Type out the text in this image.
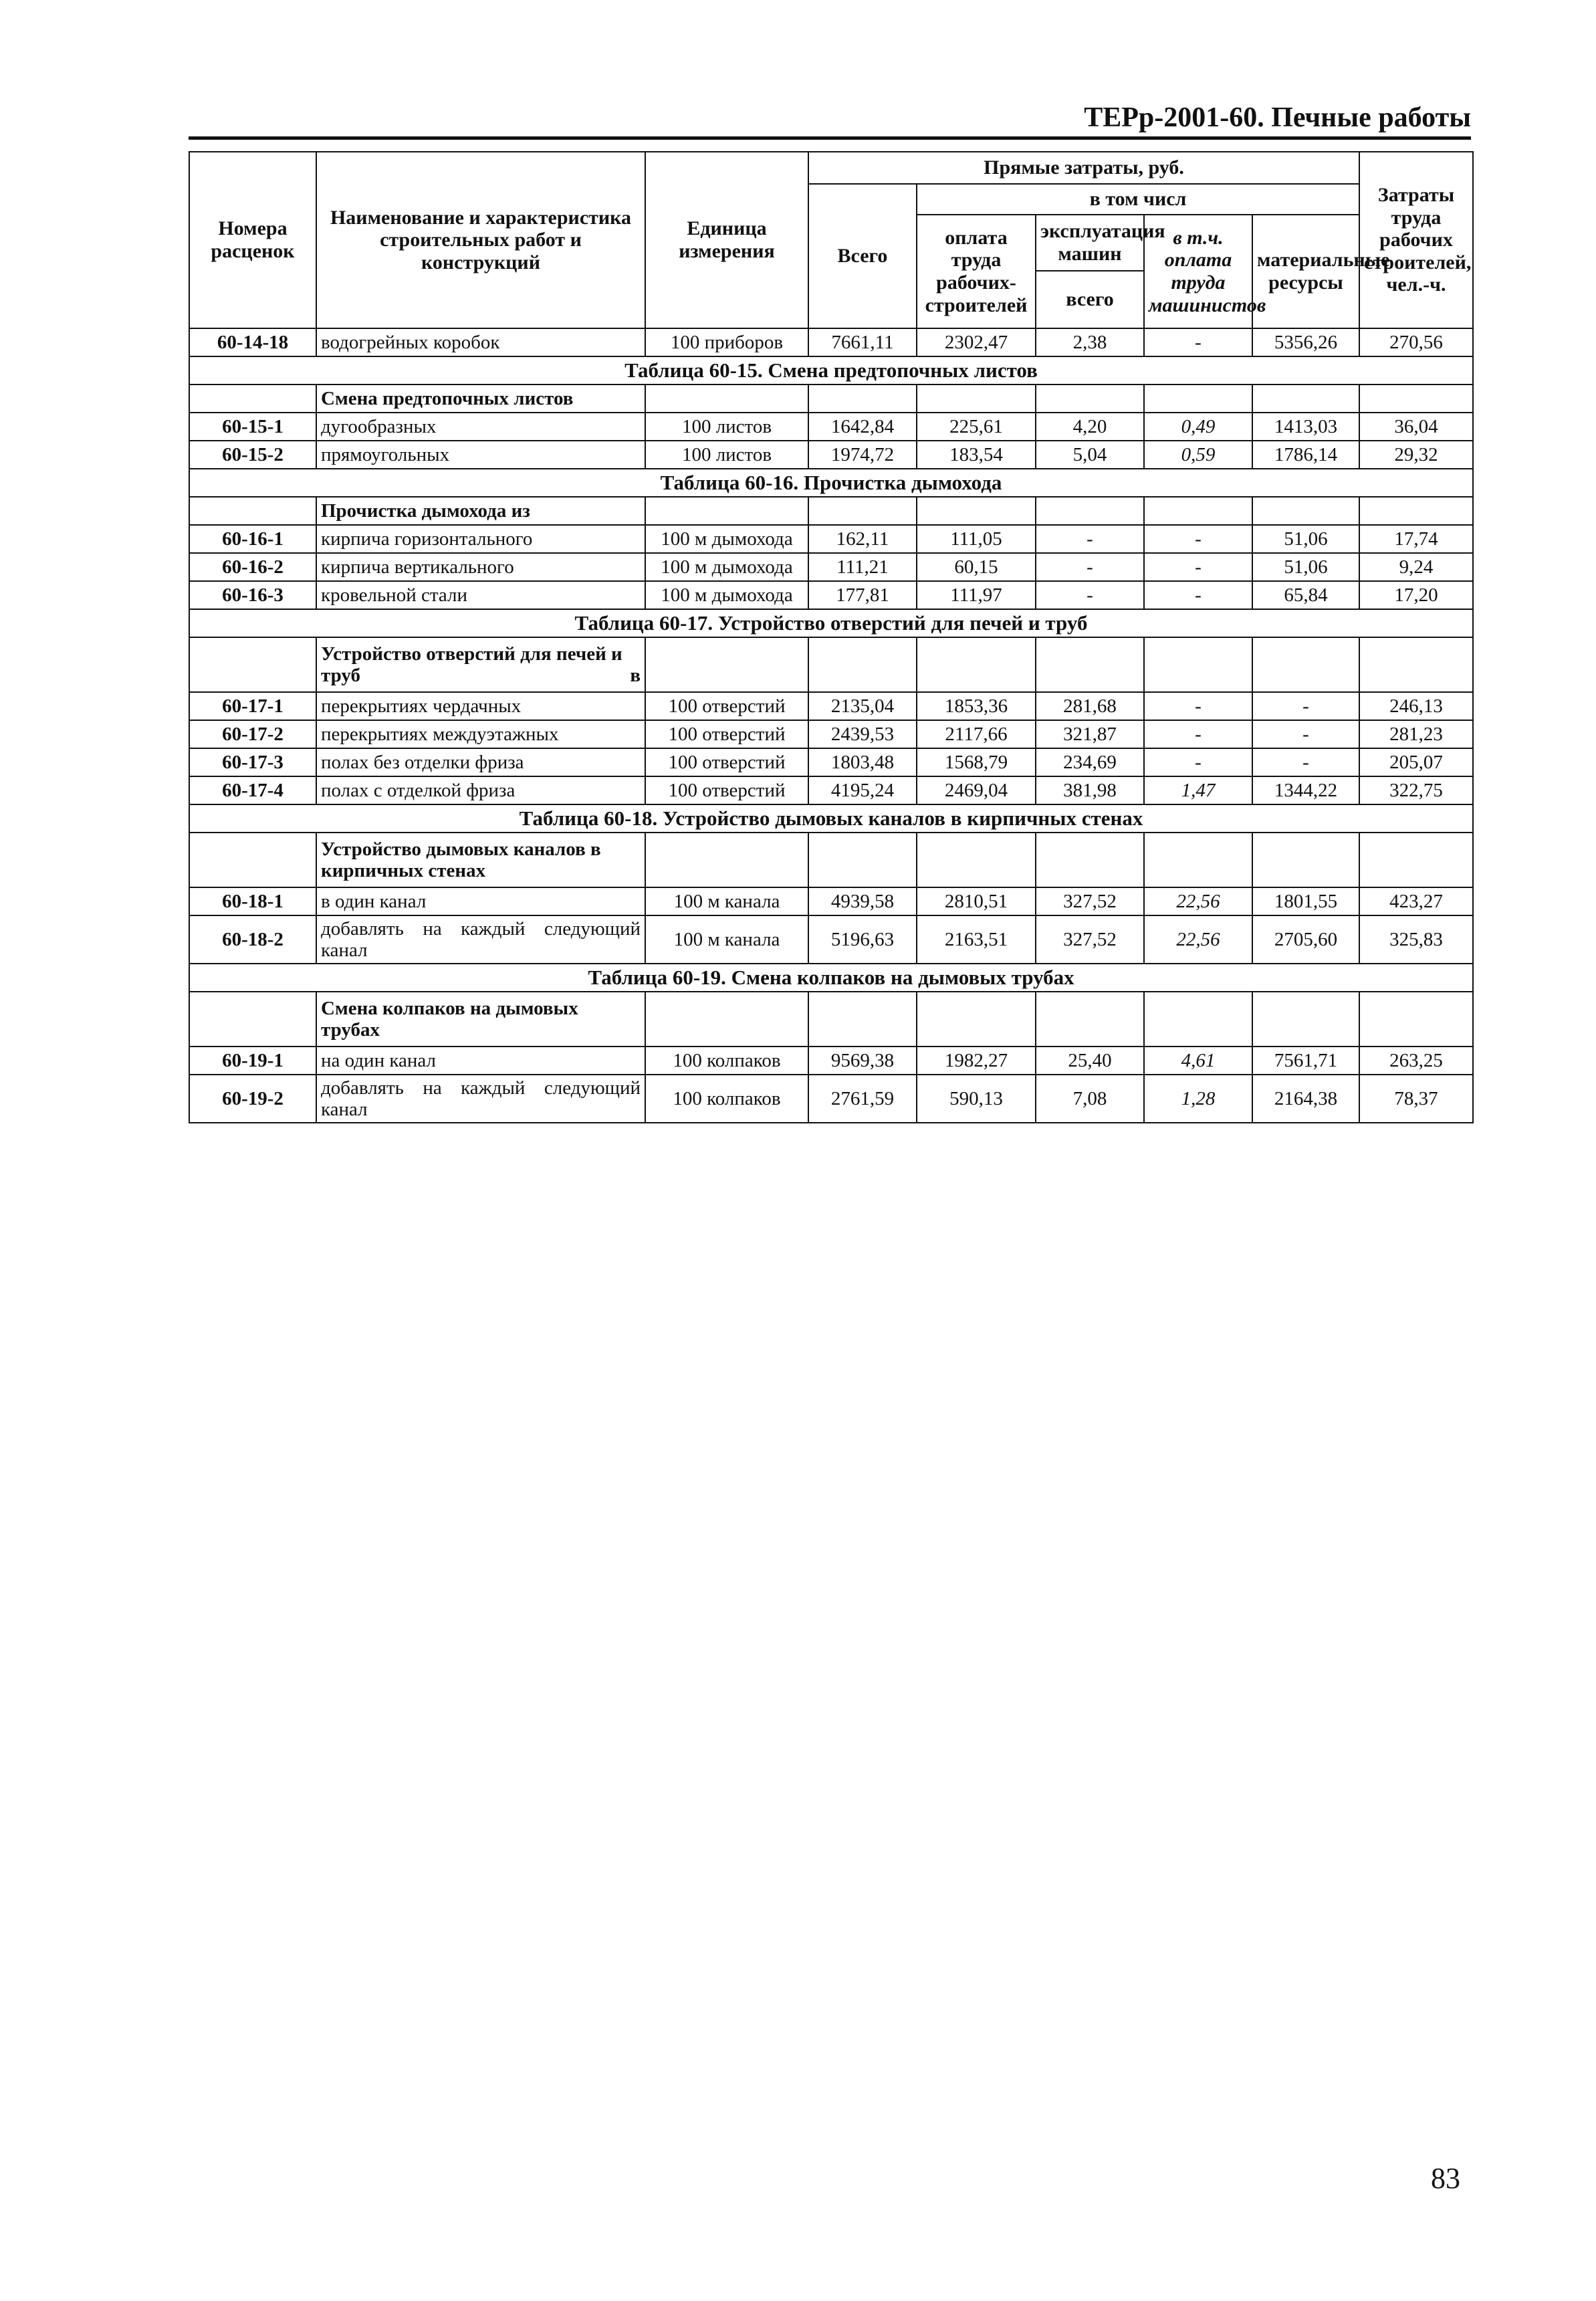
ТЕРр-2001-60. Печные работы
Номера расценок	Наименование и характеристика строительных работ и конструкций	Единица измерения	Прямые затраты, руб.					Затраты труда рабочих строителей, чел.-ч.
			Всего	в том числ				
				оплата труда рабочих-строителей	эксплуатация машин	в т.ч. оплата труда машинистов	материальные ресурсы	
					всего			
60-14-18	водогрейных коробок	100 приборов	7661,11	2302,47	2,38	-	5356,26	270,56
Таблица 60-15. Смена предтопочных листов								
	Смена предтопочных листов							
60-15-1	дугообразных	100 листов	1642,84	225,61	4,20	0,49	1413,03	36,04
60-15-2	прямоугольных	100 листов	1974,72	183,54	5,04	0,59	1786,14	29,32
Таблица 60-16. Прочистка дымохода								
	Прочистка дымохода из							
60-16-1	кирпича горизонтального	100 м дымохода	162,11	111,05	-	-	51,06	17,74
60-16-2	кирпича вертикального	100 м дымохода	111,21	60,15	-	-	51,06	9,24
60-16-3	кровельной стали	100 м дымохода	177,81	111,97	-	-	65,84	17,20
Таблица 60-17. Устройство отверстий для печей и труб								
	Устройство отверстий для печей и труб в							
60-17-1	перекрытиях чердачных	100 отверстий	2135,04	1853,36	281,68	-	-	246,13
60-17-2	перекрытиях междуэтажных	100 отверстий	2439,53	2117,66	321,87	-	-	281,23
60-17-3	полах без отделки фриза	100 отверстий	1803,48	1568,79	234,69	-	-	205,07
60-17-4	полах с отделкой фриза	100 отверстий	4195,24	2469,04	381,98	1,47	1344,22	322,75
Таблица 60-18. Устройство дымовых каналов в кирпичных стенах								
	Устройство дымовых каналов в кирпичных стенах							
60-18-1	в один канал	100 м канала	4939,58	2810,51	327,52	22,56	1801,55	423,27
60-18-2	добавлять на каждый следующий канал	100 м канала	5196,63	2163,51	327,52	22,56	2705,60	325,83
Таблица 60-19. Смена колпаков на дымовых трубах								
	Смена колпаков на дымовых трубах							
60-19-1	на один канал	100 колпаков	9569,38	1982,27	25,40	4,61	7561,71	263,25
60-19-2	добавлять на каждый следующий канал	100 колпаков	2761,59	590,13	7,08	1,28	2164,38	78,37
83
